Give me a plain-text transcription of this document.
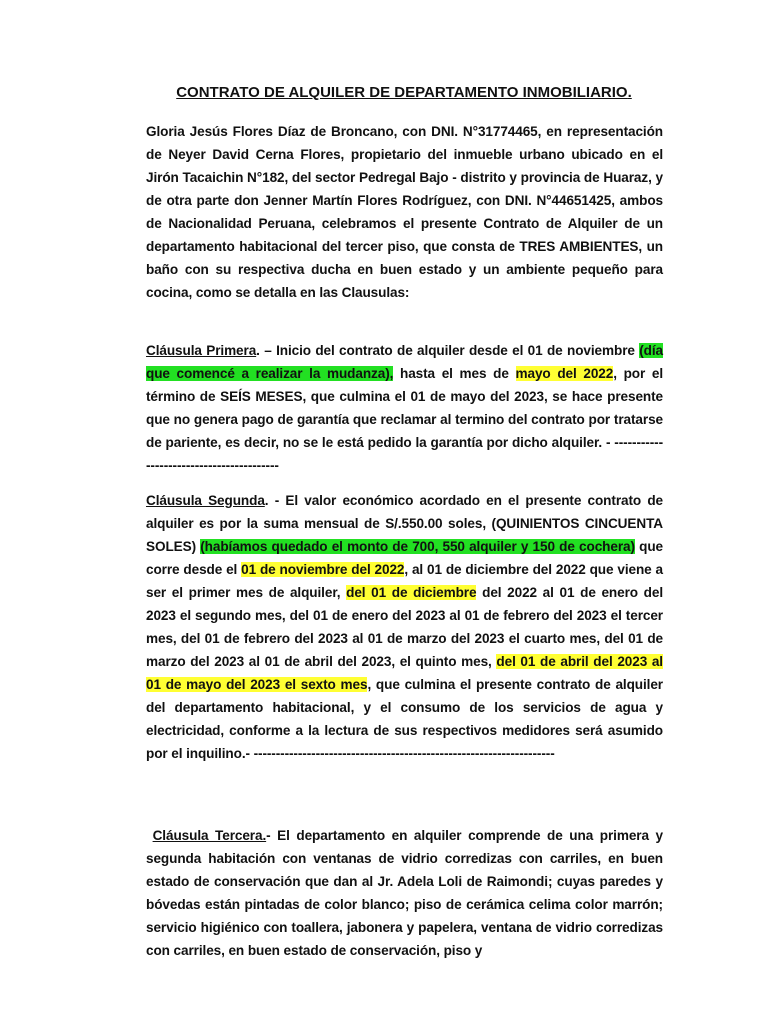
CONTRATO DE ALQUILER DE DEPARTAMENTO INMOBILIARIO.
Gloria Jesús Flores Díaz de Broncano, con DNI. N°31774465, en representación de Neyer David Cerna Flores, propietario del inmueble urbano ubicado en el Jirón Tacaichin N°182, del sector Pedregal Bajo - distrito y provincia de Huaraz, y de otra parte don Jenner Martín Flores Rodríguez, con DNI. N°44651425, ambos de Nacionalidad Peruana, celebramos el presente Contrato de Alquiler de un departamento habitacional del tercer piso, que consta de TRES AMBIENTES, un baño con su respectiva ducha en buen estado y un ambiente pequeño para cocina, como se detalla en las Clausulas:
Cláusula Primera. – Inicio del contrato de alquiler desde el 01 de noviembre (día que comencé a realizar la mudanza), hasta el mes de mayo del 2022, por el término de SEÍS MESES, que culmina el 01 de mayo del 2023, se hace presente que no genera pago de garantía que reclamar al termino del contrato por tratarse de pariente, es decir, no se le está pedido la garantía por dicho alquiler. - -----------------------------------------
Cláusula Segunda. - El valor económico acordado en el presente contrato de alquiler es por la suma mensual de S/.550.00 soles, (QUINIENTOS CINCUENTA SOLES) (habíamos quedado el monto de 700, 550 alquiler y 150 de cochera) que corre desde el 01 de noviembre del 2022, al 01 de diciembre del 2022 que viene a ser el primer mes de alquiler, del 01 de diciembre del 2022 al 01 de enero del 2023 el segundo mes, del 01 de enero del 2023 al 01 de febrero del 2023 el tercer mes, del 01 de febrero del 2023 al 01 de marzo del 2023 el cuarto mes, del 01 de marzo del 2023 al 01 de abril del 2023, el quinto mes, del 01 de abril del 2023 al 01 de mayo del 2023 el sexto mes, que culmina el presente contrato de alquiler del departamento habitacional, y el consumo de los servicios de agua y electricidad, conforme a la lectura de sus respectivos medidores será asumido por el inquilino.- --------------------------------------------------------------------
Cláusula Tercera.- El departamento en alquiler comprende de una primera y segunda habitación con ventanas de vidrio corredizas con carriles, en buen estado de conservación que dan al Jr. Adela Loli de Raimondi; cuyas paredes y bóvedas están pintadas de color blanco; piso de cerámica celima color marrón; servicio higiénico con toallera, jabonera y papelera, ventana de vidrio corredizas con carriles, en buen estado de conservación, piso y
